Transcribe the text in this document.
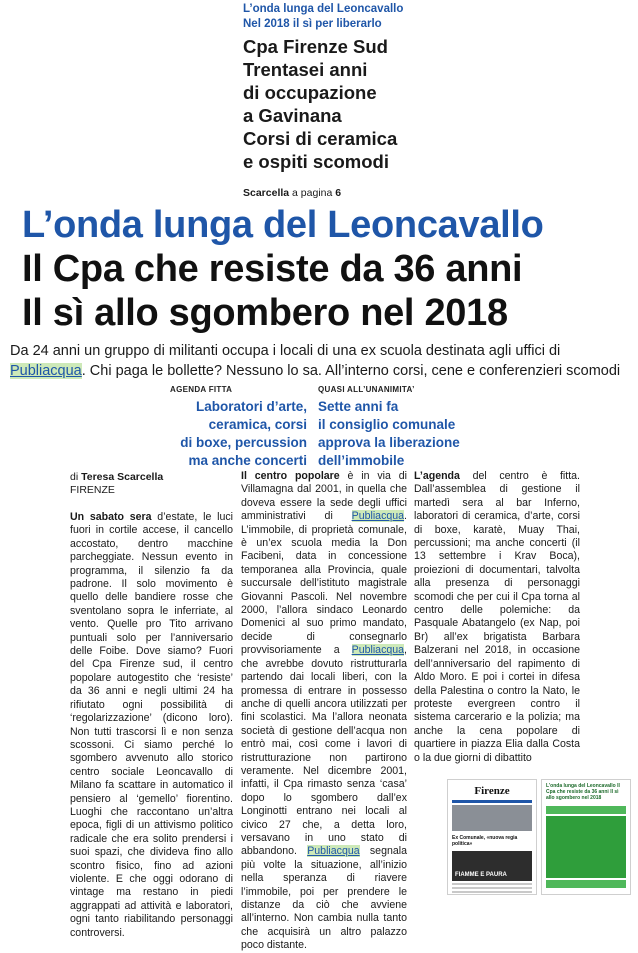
L’onda lunga del Leoncavallo
Nel 2018 il sì per liberarlo
Cpa Firenze Sud
Trentasei anni
di occupazione
a Gavinana
Corsi di ceramica
e ospiti scomodi
Scarcella a pagina 6
L’onda lunga del Leoncavallo
Il Cpa che resiste da 36 anni
Il sì allo sgombero nel 2018
Da 24 anni un gruppo di militanti occupa i locali di una ex scuola destinata agli uffici di Publiacqua. Chi paga le bollette? Nessuno lo sa. All’interno corsi, cene e conferenzieri scomodi
AGENDA FITTA
Laboratori d’arte,
ceramica, corsi
di boxe, percussion
ma anche concerti
QUASI ALL’UNANIMITA’
Sette anni fa
il consiglio comunale
approva la liberazione
dell’immobile
di Teresa Scarcella
FIRENZE
Un sabato sera d’estate, le luci fuori in cortile accese, il cancello accostato, dentro macchine parcheggiate. Nessun evento in programma, il silenzio fa da padrone. Il solo movimento è quello delle bandiere rosse che sventolano sopra le inferriate, al vento. Quelle pro Tito arrivano puntuali solo per l’anniversario delle Foibe. Dove siamo? Fuori del Cpa Firenze sud, il centro popolare autogestito che ‘resiste’ da 36 anni e negli ultimi 24 ha rifiutato ogni possibilità di ‘regolarizzazione’ (dicono loro). Non tutti trascorsi lì e non senza scossoni. Ci siamo perché lo sgombero avvenuto allo storico centro sociale Leoncavallo di Milano fa scattare in automatico il pensiero al ‘gemello’ fiorentino. Luoghi che raccontano un’altra epoca, figli di un attivismo politico radicale che era solito prendersi i suoi spazi, che divideva fino allo scontro fisico, fino ad azioni violente. E che oggi odorano di vintage ma restano in piedi aggrappati ad attività e laboratori, ogni tanto riabilitando personaggi controversi.
Il centro popolare è in via di Villamagna dal 2001, in quella che doveva essere la sede degli uffici amministrativi di Publiacqua. L’immobile, di proprietà comunale, è un’ex scuola media la Don Facibeni, data in concessione temporanea alla Provincia, quale succursale dell’istituto magistrale Giovanni Pascoli. Nel novembre 2000, l’allora sindaco Leonardo Domenici al suo primo mandato, decide di consegnarlo provvisoriamente a Publiacqua, che avrebbe dovuto ristrutturarla partendo dai locali liberi, con la promessa di entrare in possesso anche di quelli ancora utilizzati per fini scolastici. Ma l’allora neonata società di gestione dell’acqua non entrò mai, così come i lavori di ristrutturazione non partirono veramente. Nel dicembre 2001, infatti, il Cpa rimasto senza ‘casa’ dopo lo sgombero dall’ex Longinotti entrano nei locali al civico 27 che, a detta loro, versavano in uno stato di abbandono. Publiacqua segnala più volte la situazione, all’inizio nella speranza di riavere l’immobile, poi per prendere le distanze da ciò che avviene all’interno. Non cambia nulla tanto che acquisirà un altro palazzo poco distante.
L’agenda del centro è fitta. Dall’assemblea di gestione il martedì sera al bar Inferno, laboratori di ceramica, d’arte, corsi di boxe, karatè, Muay Thai, percussioni; ma anche concerti (il 13 settembre i Krav Boca), proiezioni di documentari, talvolta alla presenza di personaggi scomodi che per cui il Cpa torna al centro delle polemiche: da Pasquale Abatangelo (ex Nap, poi Br) all’ex brigatista Barbara Balzerani nel 2018, in occasione dell’anniversario del rapimento di Aldo Moro. E poi i cortei in difesa della Palestina o contro la Nato, le proteste evergreen contro il sistema carcerario e la polizia; ma anche la cena popolare di quartiere in piazza Elia dalla Costa o la due giorni di dibattito
Firenze
Ex Comunale, «nuova regia politica»
FIAMME E PAURA
L’onda lunga del Leoncavallo Il Cpa che resiste da 36 anni Il sì allo sgombero nel 2018
